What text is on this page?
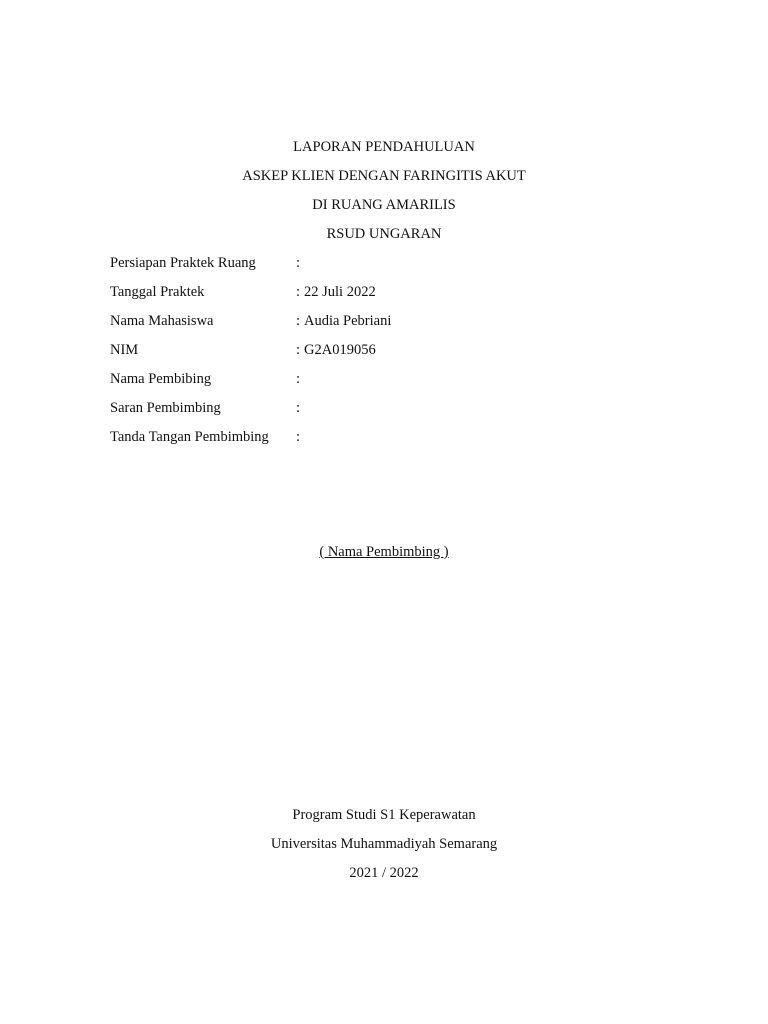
LAPORAN PENDAHULUAN
ASKEP KLIEN DENGAN FARINGITIS AKUT
DI RUANG AMARILIS
RSUD UNGARAN
Persiapan Praktek Ruang	:
Tanggal Praktek	: 22 Juli 2022
Nama Mahasiswa	: Audia Pebriani
NIM	: G2A019056
Nama Pembibing	:
Saran Pembimbing	:
Tanda Tangan Pembimbing :
( Nama Pembimbing )
Program Studi S1 Keperawatan
Universitas Muhammadiyah Semarang
2021 / 2022
